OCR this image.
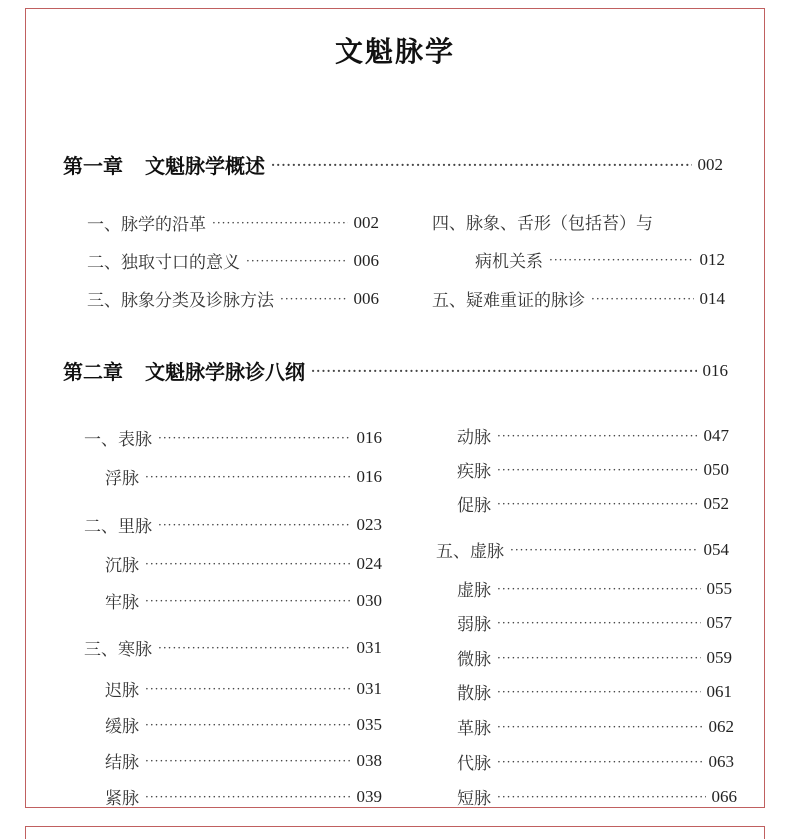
文魁脉学
第一章 文魁脉学概述 ·····	002
一、脉学的沿革 ·····	002
二、独取寸口的意义 ·····	006
三、脉象分类及诊脉方法 ·····	006
四、脉象、舌形（包括苔）与
病机关系 ·····	012
五、疑难重证的脉诊 ·····	014
第二章 文魁脉学脉诊八纲 ·····	016
一、表脉 ·····	016
浮脉 ·····	016
二、里脉 ·····	023
沉脉 ·····	024
牢脉 ·····	030
三、寒脉 ·····	031
迟脉 ·····	031
缓脉 ·····	035
结脉 ·····	038
紧脉 ·····	039
动脉 ·····	047
疾脉 ·····	050
促脉 ·····	052
五、虚脉 ·····	054
虚脉 ·····	055
弱脉 ·····	057
微脉 ·····	059
散脉 ·····	061
革脉 ·····	062
代脉 ·····	063
短脉 ·····	066
